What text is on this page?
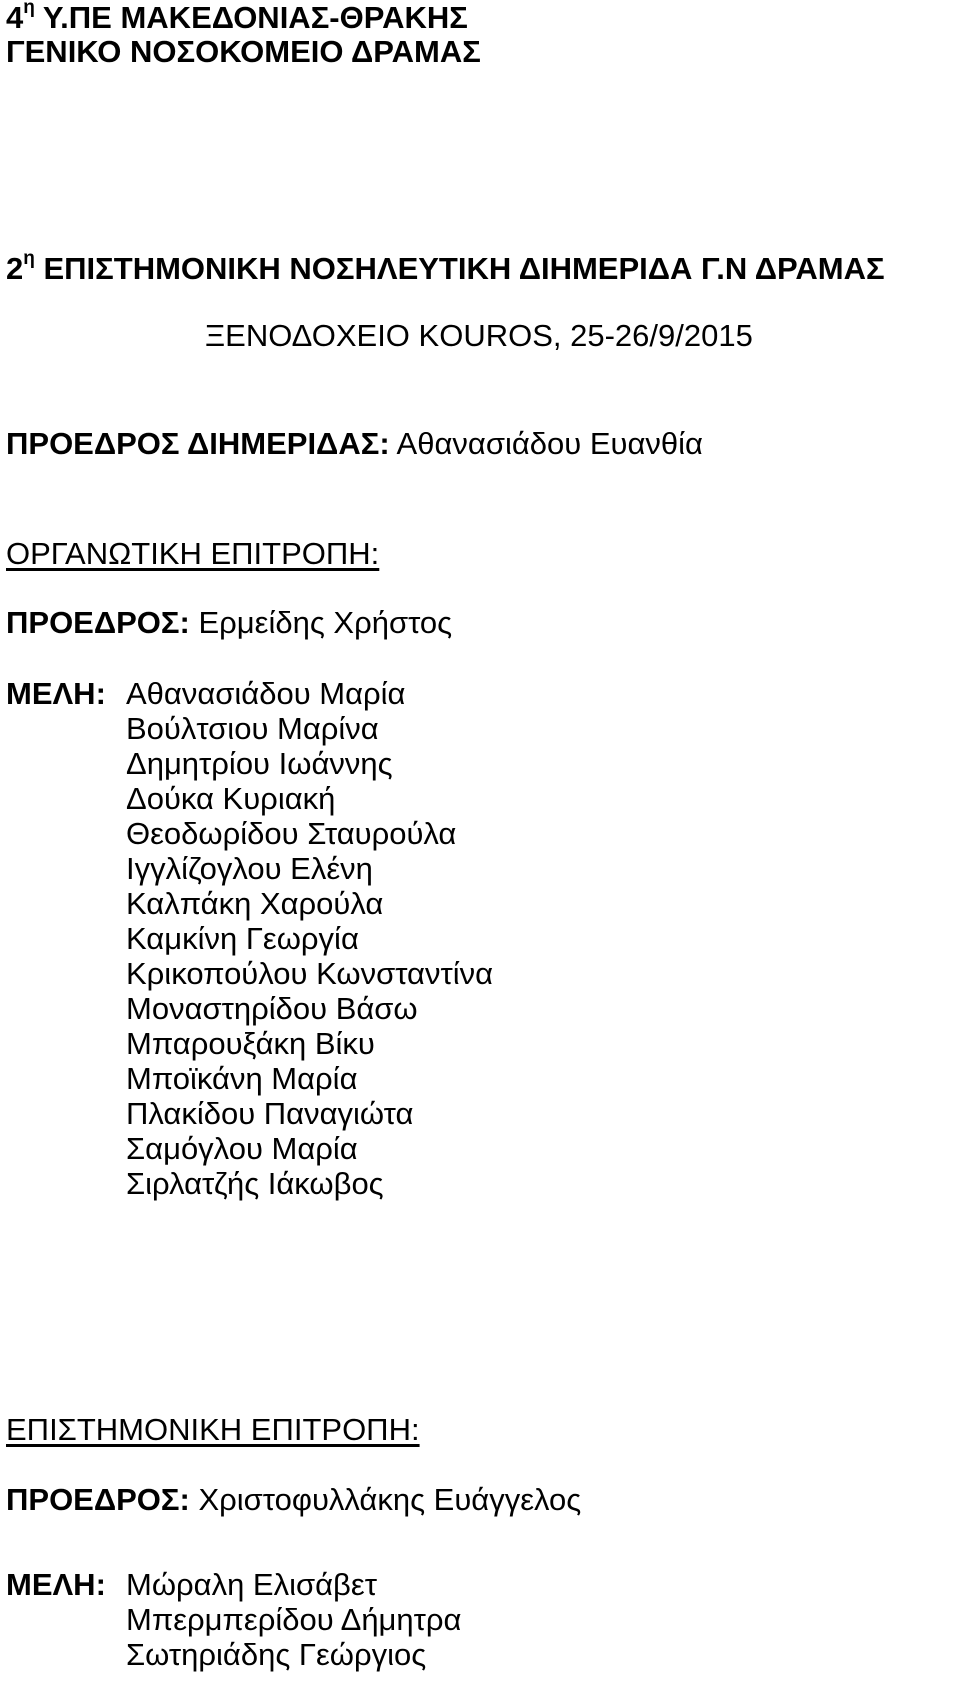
$4^\eta$ Υ.ΠΕ ΜΑΚΕΔΟΝΙΑΣ-ΘΡΑΚΗΣ
ΓΕΝΙΚΟ ΝΟΣΟΚΟΜΕΙΟ ΔΡΑΜΑΣ
$2^\eta$ ΕΠΙΣΤΗΜΟΝΙΚΗ ΝΟΣΗΛΕΥΤΙΚΗ ΔΙΗΜΕΡΙΔΑ Γ.Ν ΔΡΑΜΑΣ
ΞΕΝΟΔΟΧΕΙΟ KOUROS, 25-26/9/2015
ΠΡΟΕΔΡΟΣ ΔΙΗΜΕΡΙΔΑΣ: Αθανασιάδου Ευανθία
ΟΡΓΑΝΩΤΙΚΗ ΕΠΙΤΡΟΠΗ:
ΠΡΟΕΔΡΟΣ: Ερμείδης Χρήστος
ΜΕΛΗ: Αθανασιάδου Μαρία
Βούλτσιου Μαρίνα
Δημητρίου Ιωάννης
Δούκα Κυριακή
Θεοδωρίδου Σταυρούλα
Ιγγλίζογλου Ελένη
Καλπάκη Χαρούλα
Καμκίνη Γεωργία
Κρικοπούλου Κωνσταντίνα
Μοναστηρίδου Βάσω
Μπαρουξάκη Βίκυ
Μποϊκάνη Μαρία
Πλακίδου Παναγιώτα
Σαμόγλου Μαρία
Σιρλατζής Ιάκωβος
ΕΠΙΣΤΗΜΟΝΙΚΗ ΕΠΙΤΡΟΠΗ:
ΠΡΟΕΔΡΟΣ: Χριστοφυλλάκης Ευάγγελος
ΜΕΛΗ: Μώραλη Ελισάβετ
Μπερμπερίδου Δήμητρα
Σωτηριάδης Γεώργιος
